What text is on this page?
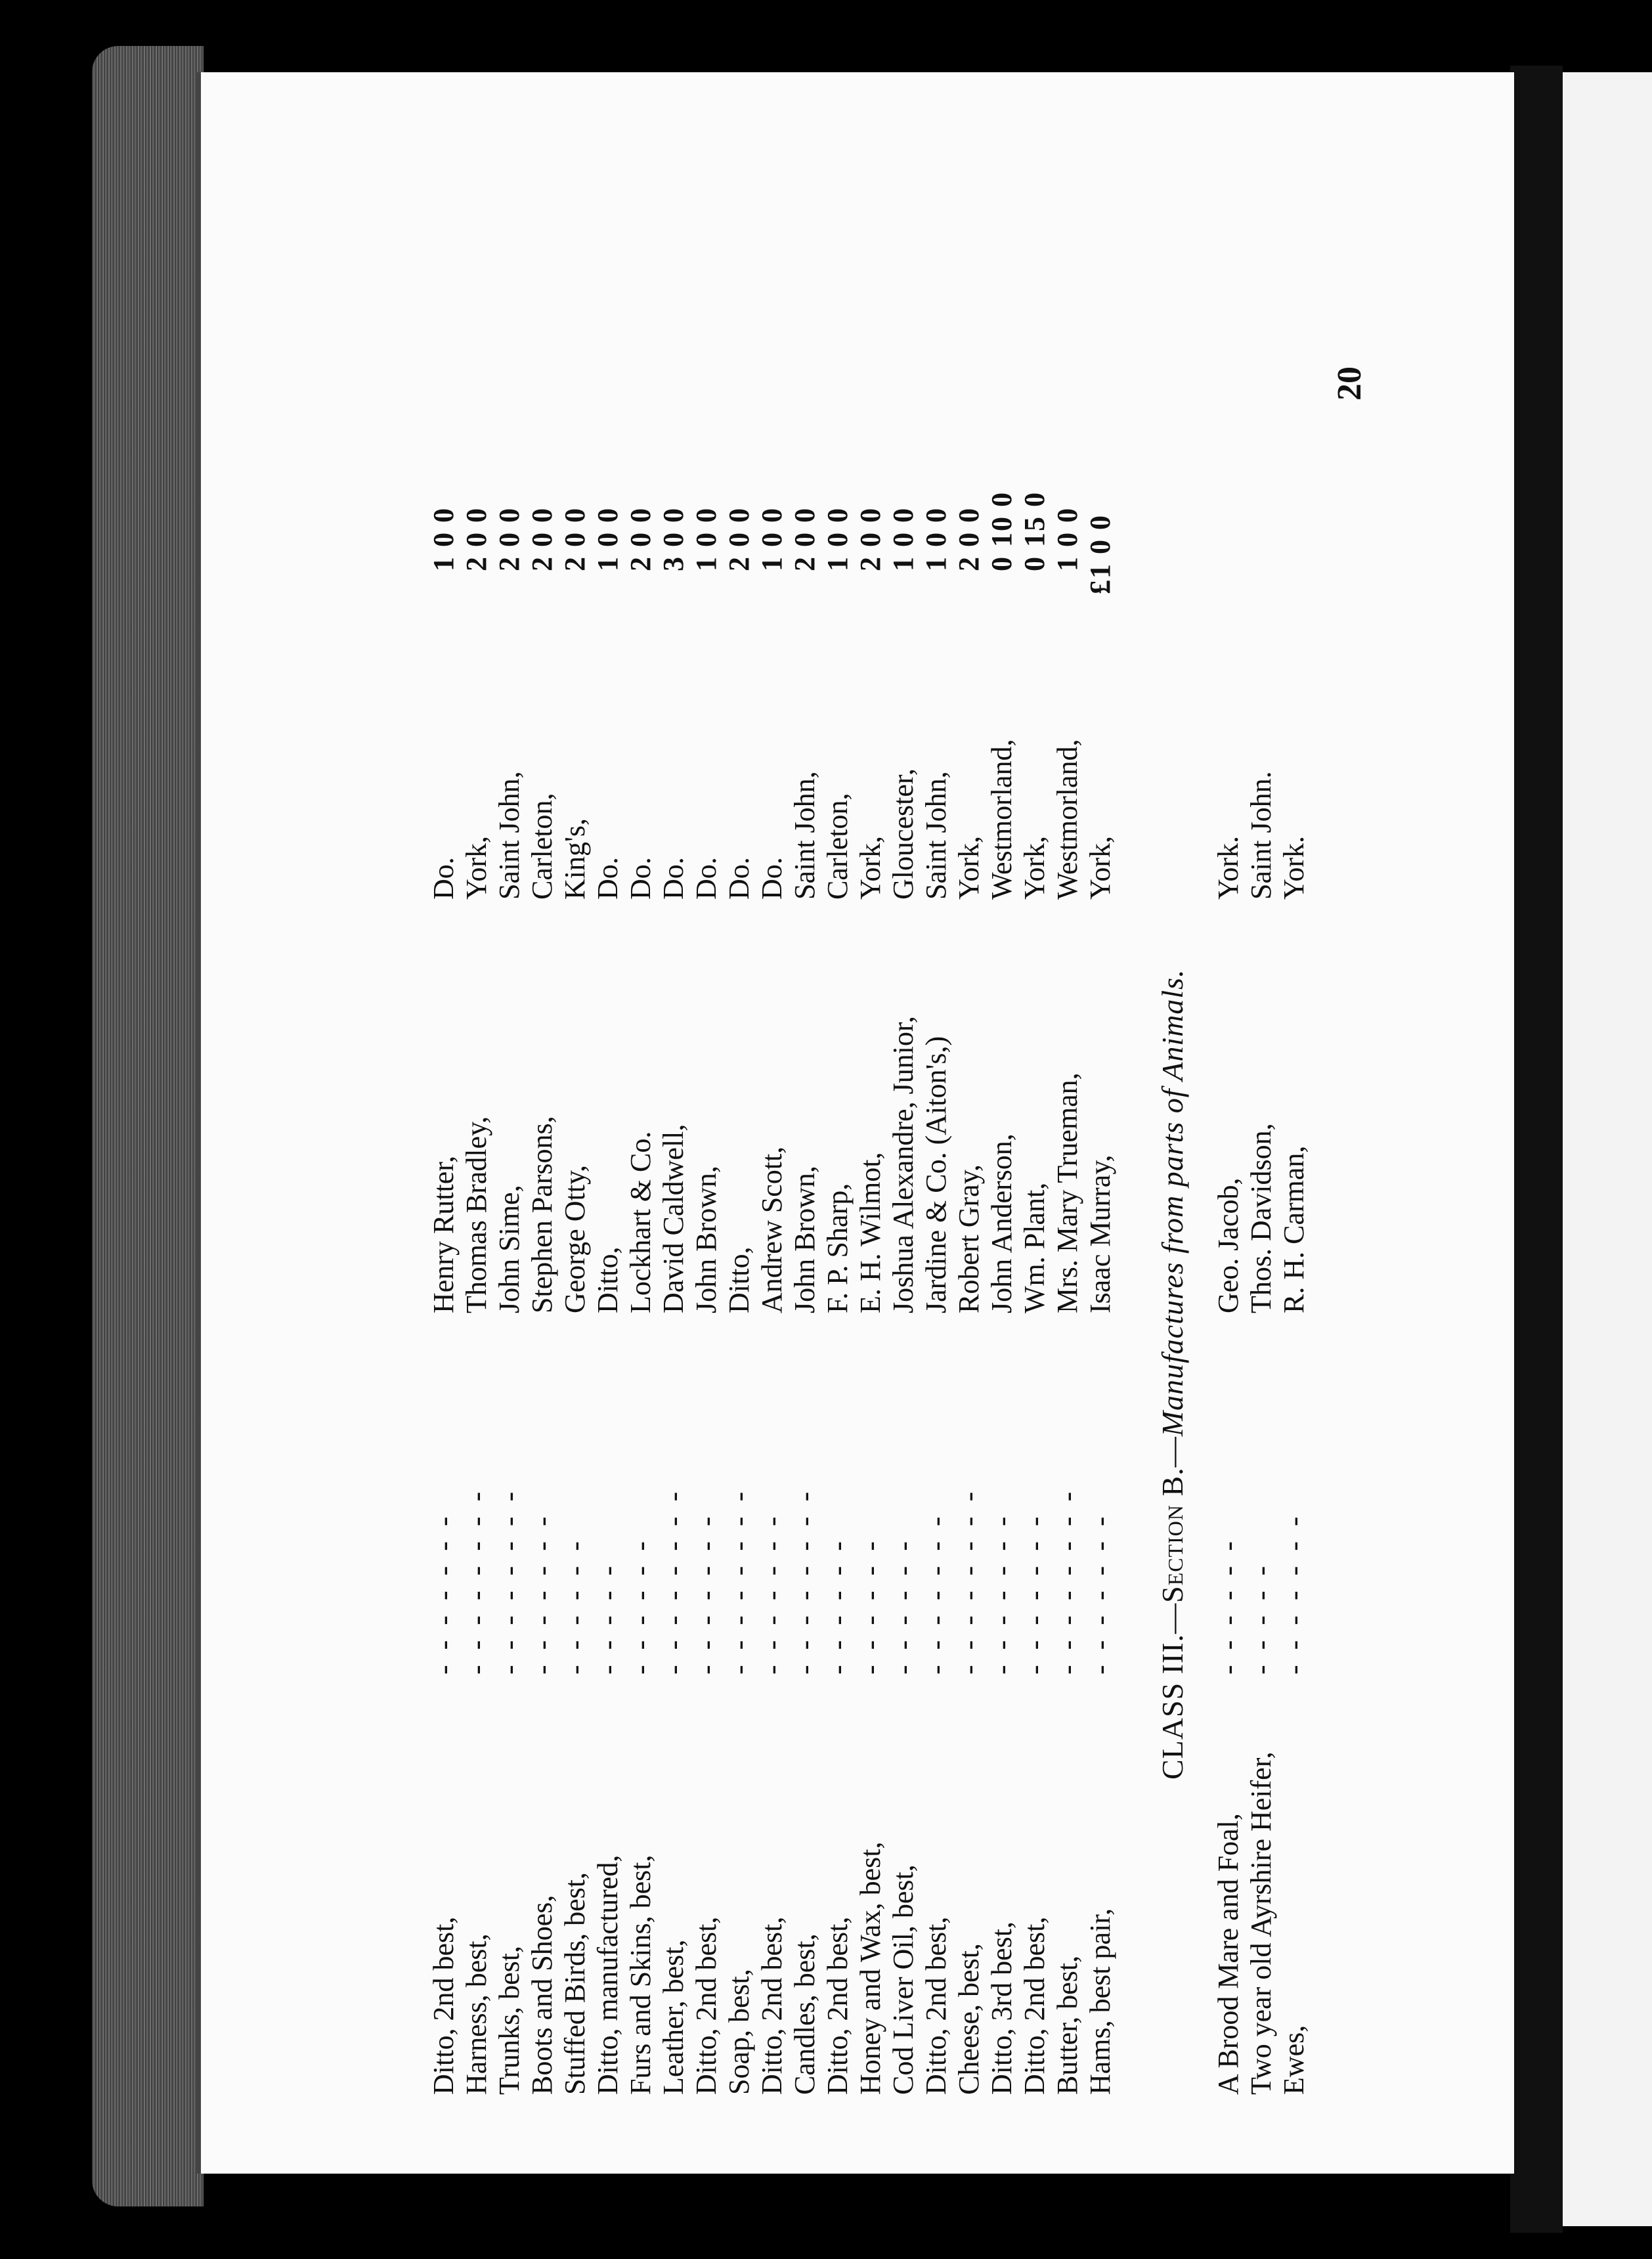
20
Ewes,
- - - - - - -
R. H. Carman,
York.
Two year old Ayrshire Heifer,
- - - - -
Thos. Davidson,
Saint John.
A Brood Mare and Foal,
- - - - - -
Geo. Jacob,
York.
CLASS III.—Section B.—Manufactures from parts of Animals.
Hams, best pair,
- - - - - - -
Isaac Murray,
York,
£1 0 0
Butter, best,
- - - - - - - -
Mrs. Mary Trueman,
Westmorland,
1 0 0
Ditto, 2nd best,
- - - - - - -
Wm. Plant,
York,
0 15 0
Ditto, 3rd best,
- - - - - - -
John Anderson,
Westmorland,
0 10 0
Cheese, best,
- - - - - - - -
Robert Gray,
York,
2 0 0
Ditto, 2nd best,
- - - - - - -
Jardine & Co. (Aiton's,)
Saint John,
1 0 0
Cod Liver Oil, best,
- - - - - -
Joshua Alexandre, Junior,
Gloucester,
1 0 0
Honey and Wax, best,
- - - - - -
E. H. Wilmot,
York,
2 0 0
Ditto, 2nd best,
- - - - - -
F. P. Sharp,
Carleton,
1 0 0
Candles, best,
- - - - - - - -
John Brown,
Saint John,
2 0 0
Ditto, 2nd best,
- - - - - - -
Andrew Scott,
Do.
1 0 0
Soap, best,
- - - - - - - -
Ditto,
Do.
2 0 0
Ditto, 2nd best,
- - - - - - -
John Brown,
Do.
1 0 0
Leather, best,
- - - - - - - -
David Caldwell,
Do.
3 0 0
Furs and Skins, best,
- - - - - -
Lockhart & Co.
Do.
2 0 0
Ditto, manufactured,
- - - - -
Ditto,
Do.
1 0 0
Stuffed Birds, best,
- - - - - -
George Otty,
King's,
2 0 0
Boots and Shoes,
- - - - - - -
Stephen Parsons,
Carleton,
2 0 0
Trunks, best,
- - - - - - - -
John Sime,
Saint John,
2 0 0
Harness, best,
- - - - - - - -
Thomas Bradley,
York,
2 0 0
Ditto, 2nd best,
- - - - - - -
Henry Rutter,
Do.
1 0 0
